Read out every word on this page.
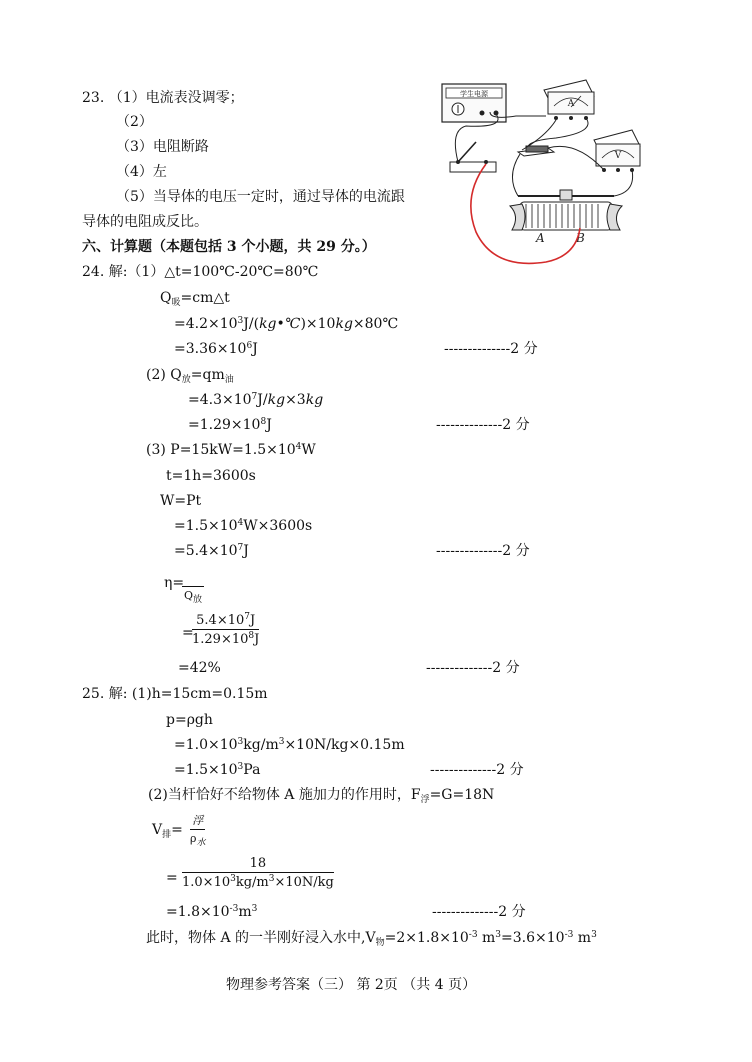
23. （1）电流表没调零；
（2）
（3）电阻断路
（4）左
（5）当导体的电压一定时，通过导体的电流跟
导体的电阻成反比。
六、计算题（本题包括 3 个小题，共 29 分。）
学生电源
A
V
A	B
24. 解:（1）△t=100℃-20℃=80℃
$Q_吸=cm\triangle t$
$=4.2\times 10^3J/(kg•℃)\times 10kg\times 80℃$
$=3.36\times 10^6J$	--------------2 分
(2) $Q_放=qm_油$
$=4.3\times 10^7J/kg\times 3kg$
$=1.29\times 10^8J$	--------------2 分
(3) $P=15kW=1.5\times 10^4W$
t=1h=3600s
W=Pt
$=1.5\times 10^4W\times 3600s$
$=5.4\times 10^7J$	--------------2 分
η=
$Q_放$
=
$\frac{5.4\times 10^7J}{1.29\times 10^8J}$
=42%	--------------2 分
25. 解: (1)h=15cm=0.15m
p=ρgh
$=1.0\times 10^3kg/m^3\times 10N/kg\times 0.15m$
$=1.5\times 10^3Pa$	--------------2 分
(2)当杆恰好不给物体 A 施加力的作用时，$F_浮=G=18N$
$V_排=$
浮
$\rho_水$
= $\frac{18}{1.0\times 10^3kg/m^3\times 10N/kg}$
$=1.8\times 10^{-3}m^3$	--------------2 分
此时，物体 A 的一半刚好浸入水中$,V_物=2\times 1.8\times 10^{-3}$ $m^3=3.6\times 10^{-3}$ $m^3$
物理参考答案（三） 第 2页 （共 4 页）
